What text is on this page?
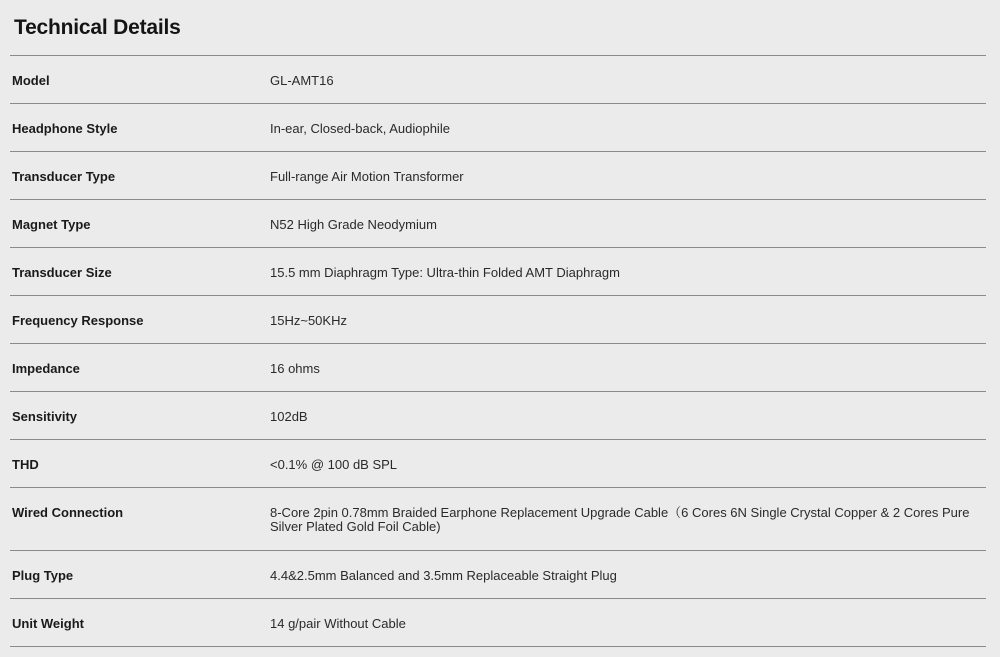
Technical Details
Model	GL-AMT16
Headphone Style	In-ear, Closed-back, Audiophile
Transducer Type	Full-range Air Motion Transformer
Magnet Type	N52 High Grade Neodymium
Transducer Size	15.5 mm Diaphragm Type: Ultra-thin Folded AMT Diaphragm
Frequency Response	15Hz~50KHz
Impedance	16 ohms
Sensitivity	102dB
THD	<0.1% @ 100 dB SPL
Wired Connection	8-Core 2pin 0.78mm Braided Earphone Replacement Upgrade Cable（6 Cores 6N Single Crystal Copper & 2 Cores Pure Silver Plated Gold Foil Cable)
Plug Type	4.4&2.5mm Balanced and 3.5mm Replaceable Straight Plug
Unit Weight	14 g/pair Without Cable
